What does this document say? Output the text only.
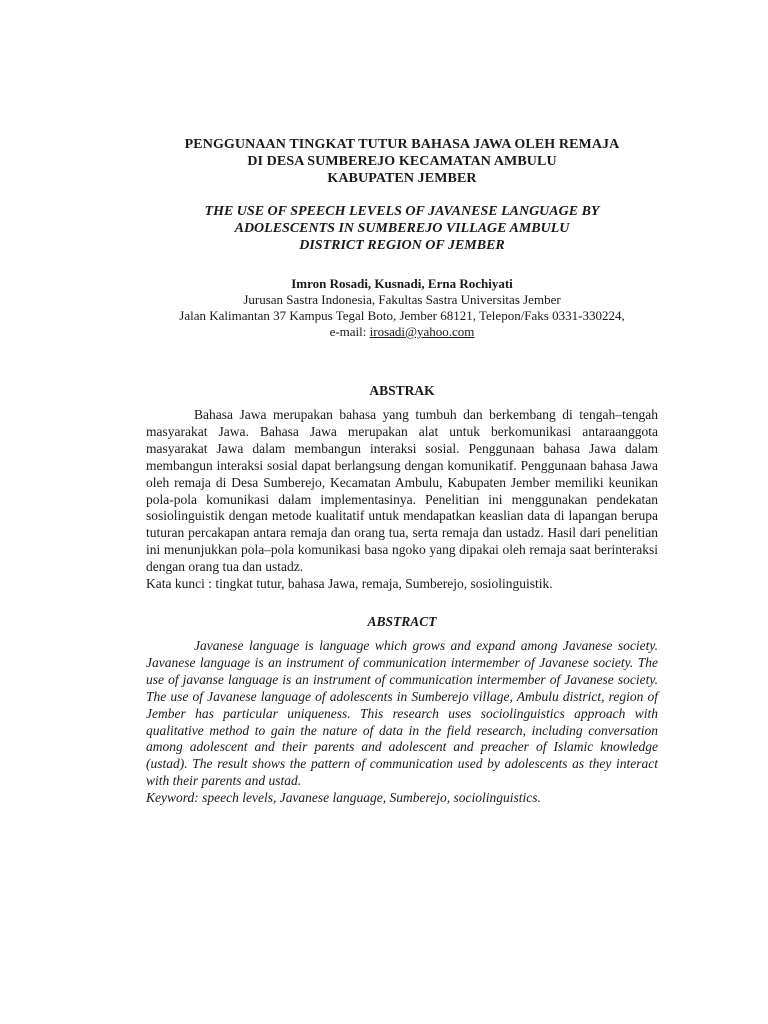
PENGGUNAAN TINGKAT TUTUR BAHASA JAWA OLEH REMAJA
DI DESA SUMBEREJO KECAMATAN AMBULU
KABUPATEN JEMBER
THE USE OF SPEECH LEVELS OF JAVANESE LANGUAGE BY
ADOLESCENTS IN SUMBEREJO VILLAGE AMBULU
DISTRICT REGION OF JEMBER
Imron Rosadi, Kusnadi, Erna Rochiyati
Jurusan Sastra Indonesia, Fakultas Sastra Universitas Jember
Jalan Kalimantan 37 Kampus Tegal Boto, Jember 68121, Telepon/Faks 0331-330224,
e-mail: irosadi@yahoo.com
ABSTRAK
Bahasa Jawa merupakan bahasa yang tumbuh dan berkembang di tengah–tengah masyarakat Jawa. Bahasa Jawa merupakan alat untuk berkomunikasi antaraanggota masyarakat Jawa dalam membangun interaksi sosial. Penggunaan bahasa Jawa dalam membangun interaksi sosial dapat berlangsung dengan komunikatif. Penggunaan bahasa Jawa oleh remaja di Desa Sumberejo, Kecamatan Ambulu, Kabupaten Jember memiliki keunikan pola-pola komunikasi dalam implementasinya. Penelitian ini menggunakan pendekatan sosiolinguistik dengan metode kualitatif untuk mendapatkan keaslian data di lapangan berupa tuturan percakapan antara remaja dan orang tua, serta remaja dan ustadz. Hasil dari penelitian ini menunjukkan pola–pola komunikasi basa ngoko yang dipakai oleh remaja saat berinteraksi dengan orang tua dan ustadz.
Kata kunci : tingkat tutur, bahasa Jawa, remaja, Sumberejo, sosiolinguistik.
ABSTRACT
Javanese language is language which grows and expand among Javanese society. Javanese language is an instrument of communication intermember of Javanese society. The use of javanse language is an instrument of communication intermember of Javanese society. The use of Javanese language of adolescents in Sumberejo village, Ambulu district, region of Jember has particular uniqueness. This research uses sociolinguistics approach with qualitative method to gain the nature of data in the field research, including conversation among adolescent and their parents and adolescent and preacher of Islamic knowledge (ustad). The result shows the pattern of communication used by adolescents as they interact with their parents and ustad.
Keyword: speech levels, Javanese language, Sumberejo, sociolinguistics.
